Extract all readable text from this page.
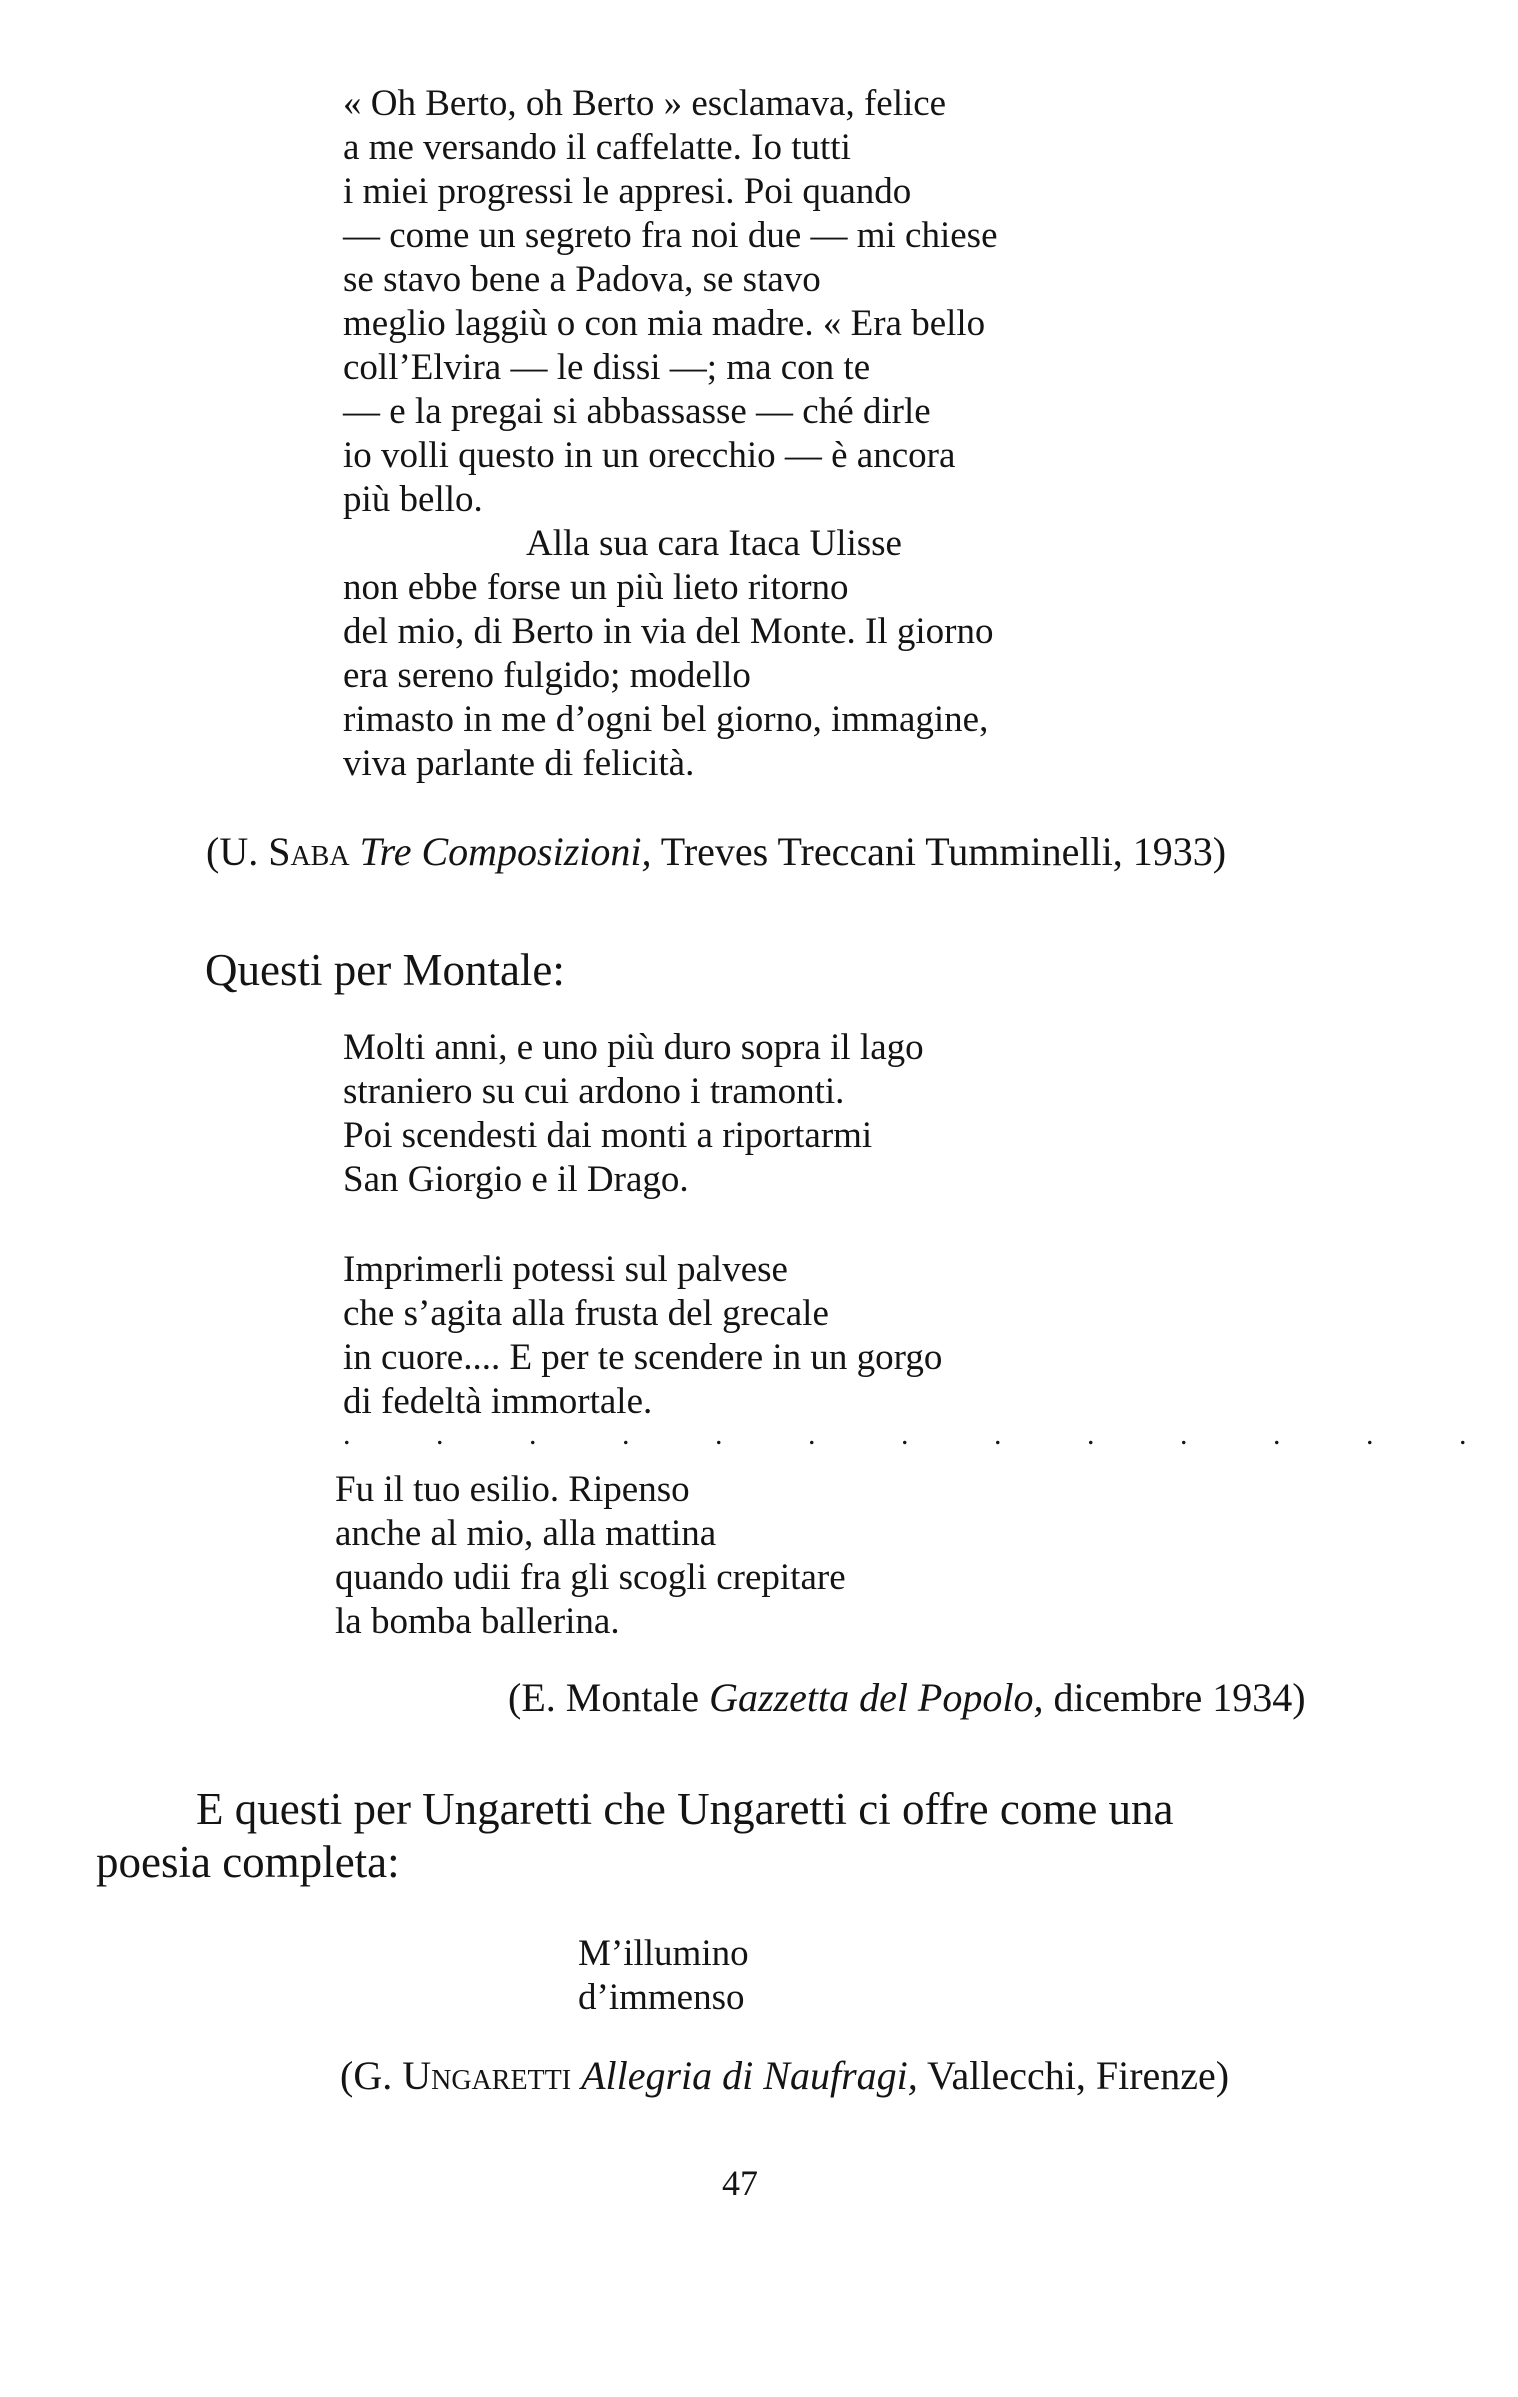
« Oh Berto, oh Berto » esclamava, felice
a me versando il caffelatte. Io tutti
i miei progressi le appresi. Poi quando
— come un segreto fra noi due — mi chiese
se stavo bene a Padova, se stavo
meglio laggiù o con mia madre. « Era bello
coll’Elvira — le dissi —; ma con te
— e la pregai si abbassasse — ché dirle
io volli questo in un orecchio — è ancora
più bello.
Alla sua cara Itaca Ulisse
non ebbe forse un più lieto ritorno
del mio, di Berto in via del Monte. Il giorno
era sereno fulgido; modello
rimasto in me d’ogni bel giorno, immagine,
viva parlante di felicità.
(U. Saba Tre Composizioni, Treves Treccani Tumminelli, 1933)
Questi per Montale:
Molti anni, e uno più duro sopra il lago
straniero su cui ardono i tramonti.
Poi scendesti dai monti a riportarmi
San Giorgio e il Drago.
Imprimerli potessi sul palvese
che s’agita alla frusta del grecale
in cuore.... E per te scendere in un gorgo
di fedeltà immortale.
. . . . . . . . . . . . .
Fu il tuo esilio. Ripenso
anche al mio, alla mattina
quando udii fra gli scogli crepitare
la bomba ballerina.
(E. Montale Gazzetta del Popolo, dicembre 1934)
E questi per Ungaretti che Ungaretti ci offre come una
poesia completa:
M’illumino
d’immenso
(G. Ungaretti Allegria di Naufragi, Vallecchi, Firenze)
47
